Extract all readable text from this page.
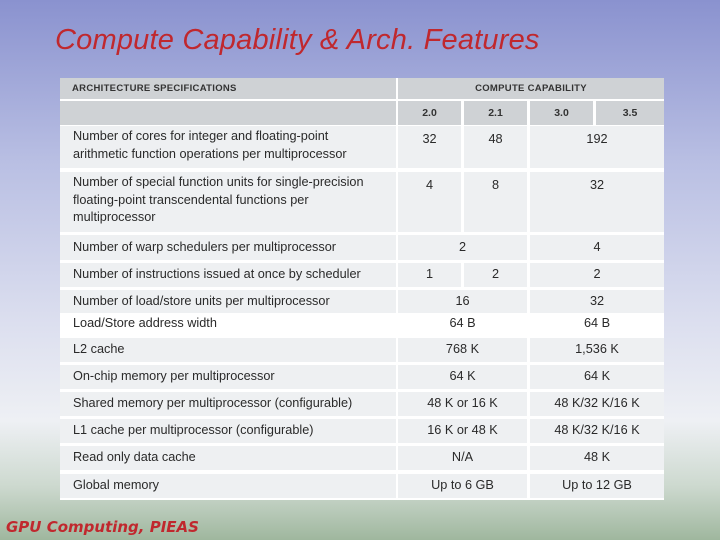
Compute Capability & Arch. Features
ARCHITECTURE SPECIFICATIONS	COMPUTE CAPABILITY
2.0	2.1	3.0	3.5
Number of cores for integer and floating-point arithmetic function operations per multiprocessor
32	48	192
Number of special function units for single-precision floating-point transcendental functions per multiprocessor
4	8	32
Number of warp schedulers per multiprocessor	2	4
Number of instructions issued at once by scheduler	1	2	2
Number of load/store units per multiprocessor	16	32
Load/Store address width	64 B	64 B
L2 cache	768 K	1,536 K
On-chip memory per multiprocessor	64 K	64 K
Shared memory per multiprocessor (configurable)	48 K or 16 K	48 K/32 K/16 K
L1 cache per multiprocessor (configurable)	16 K or 48 K	48 K/32 K/16 K
Read only data cache	N/A	48 K
Global memory	Up to 6 GB	Up to 12 GB
GPU Computing, PIEAS
